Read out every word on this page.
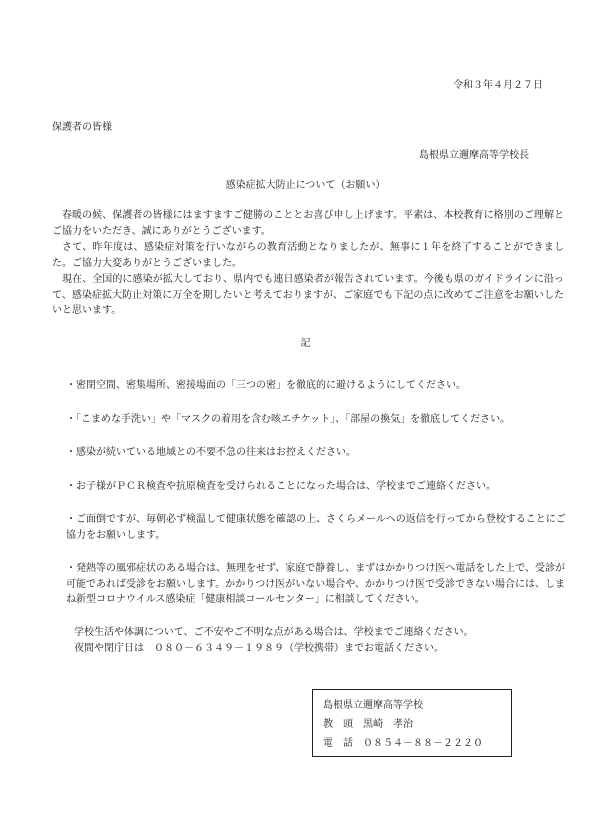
令和３年４月２７日
保護者の皆様
島根県立邇摩高等学校長
感染症拡大防止について（お願い）

春暖の候、保護者の皆様にはますますご健勝のこととお喜び申し上げます。平素は、本校教育に格別のご理解とご協力をいただき、誠にありがとうございます。

さて、昨年度は、感染症対策を行いながらの教育活動となりましたが、無事に１年を終了することができました。ご協力大変ありがとうございました。

現在、全国的に感染が拡大しており、県内でも連日感染者が報告されています。今後も県のガイドラインに沿って、感染症拡大防止対策に万全を期したいと考えておりますが、ご家庭でも下記の点に改めてご注意をお願いしたいと思います。

記
・密閉空間、密集場所、密接場面の「三つの密」を徹底的に避けるようにしてください。
・「こまめな手洗い」や「マスクの着用を含む咳エチケット」、「部屋の換気」を徹底してください。
・感染が続いている地域との不要不急の往来はお控えください。
・お子様がＰＣＲ検査や抗原検査を受けられることになった場合は、学校までご連絡ください。
・ご面倒ですが、毎朝必ず検温して健康状態を確認の上、さくらメールへの返信を行ってから登校することにご協力をお願いします。
・発熱等の風邪症状のある場合は、無理をせず、家庭で静養し、まずはかかりつけ医へ電話をした上で、受診が可能であれば受診をお願いします。かかりつけ医がいない場合や、かかりつけ医で受診できない場合には、しまね新型コロナウイルス感染症「健康相談コールセンター」に相談してください。

学校生活や体調について、ご不安やご不明な点がある場合は、学校までご連絡ください。

夜間や閉庁日は　０８０－６３４９－１９８９（学校携帯）までお電話ください。

島根県立邇摩高等学校
教　頭　黒崎　孝治
電　話　０８５４－８８－２２２０
